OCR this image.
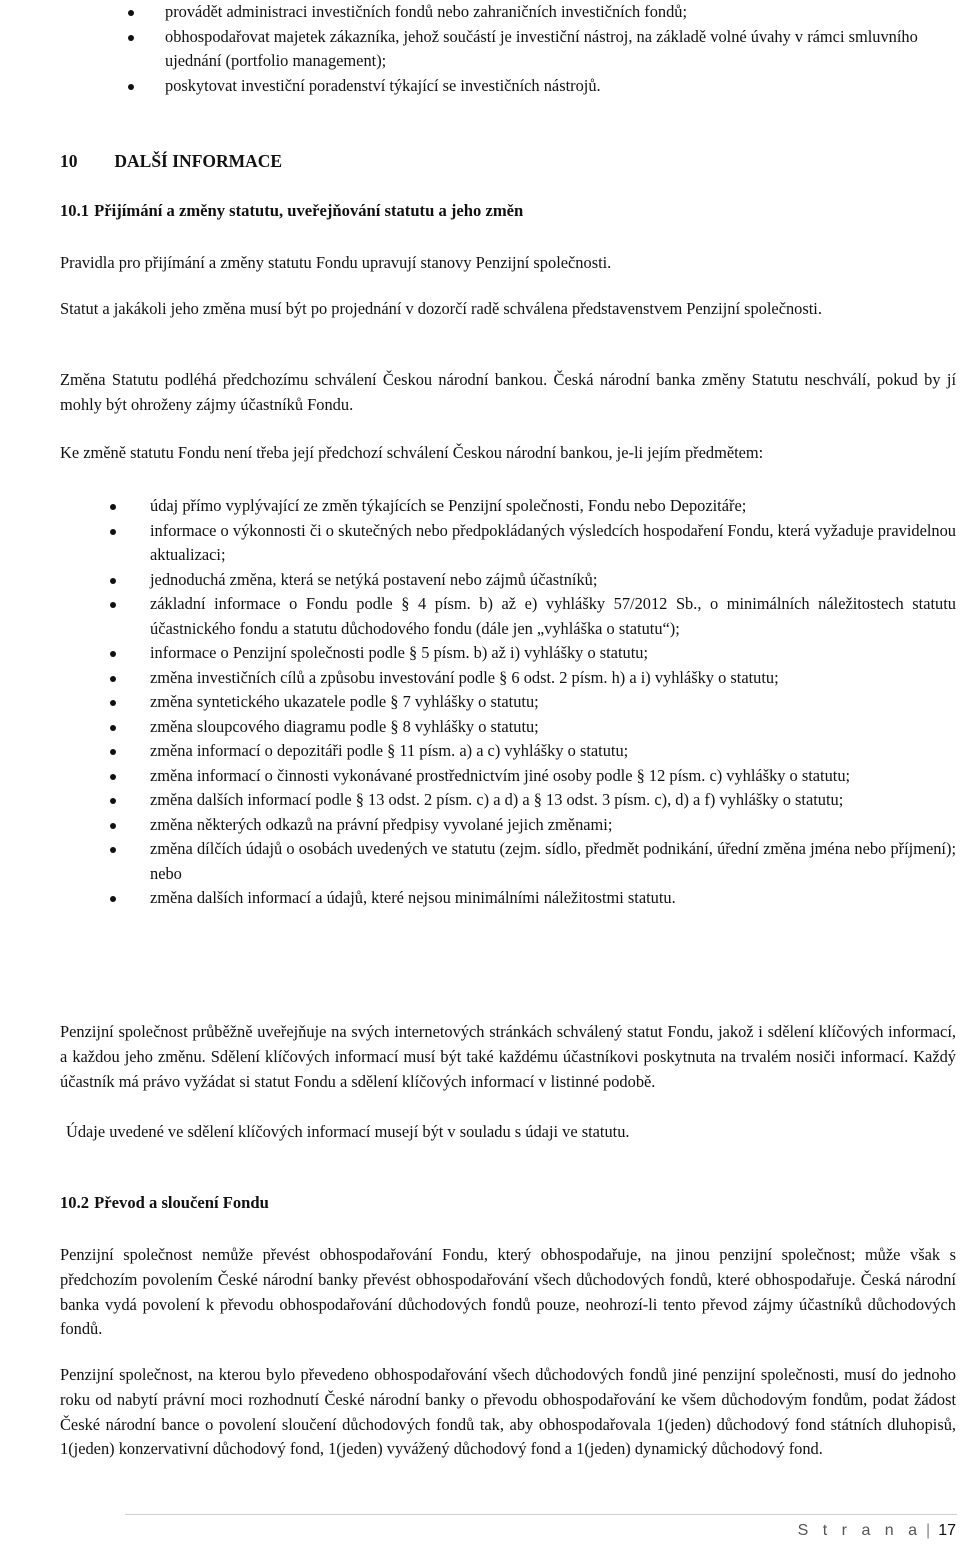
provádět administraci investičních fondů nebo zahraničních investičních fondů;
obhospodařovat majetek zákazníka, jehož součástí je investiční nástroj, na základě volné úvahy v rámci smluvního ujednání (portfolio management);
poskytovat investiční poradenství týkající se investičních nástrojů.
10 DALŠÍ INFORMACE
10.1 Přijímání a změny statutu, uveřejňování statutu a jeho změn

Pravidla pro přijímání a změny statutu Fondu upravují stanovy Penzijní společnosti.

Statut a jakákoli jeho změna musí být po projednání v dozorčí radě schválena představenstvem Penzijní společnosti.

Změna Statutu podléhá předchozímu schválení Českou národní bankou. Česká národní banka změny Statutu neschválí, pokud by jí mohly být ohroženy zájmy účastníků Fondu.

Ke změně statutu Fondu není třeba její předchozí schválení Českou národní bankou, je-li jejím předmětem:

údaj přímo vyplývající ze změn týkajících se Penzijní společnosti, Fondu nebo Depozitáře;
informace o výkonnosti či o skutečných nebo předpokládaných výsledcích hospodaření Fondu, která vyžaduje pravidelnou aktualizaci;
jednoduchá změna, která se netýká postavení nebo zájmů účastníků;
základní informace o Fondu podle § 4 písm. b) až e) vyhlášky 57/2012 Sb., o minimálních náležitostech statutu účastnického fondu a statutu důchodového fondu (dále jen „vyhláška o statutu“);
informace o Penzijní společnosti podle § 5 písm. b) až i) vyhlášky o statutu;
změna investičních cílů a způsobu investování podle § 6 odst. 2 písm. h) a i) vyhlášky o statutu;
změna syntetického ukazatele podle § 7 vyhlášky o statutu;
změna sloupcového diagramu podle § 8 vyhlášky o statutu;
změna informací o depozitáři podle § 11 písm. a) a c) vyhlášky o statutu;
změna informací o činnosti vykonávané prostřednictvím jiné osoby podle § 12 písm. c) vyhlášky o statutu;
změna dalších informací podle § 13 odst. 2 písm. c) a d) a § 13 odst. 3 písm. c), d) a f) vyhlášky o statutu;
změna některých odkazů na právní předpisy vyvolané jejich změnami;
změna dílčích údajů o osobách uvedených ve statutu (zejm. sídlo, předmět podnikání, úřední změna jména nebo příjmení); nebo
změna dalších informací a údajů, které nejsou minimálními náležitostmi statutu.

Penzijní společnost průběžně uveřejňuje na svých internetových stránkách schválený statut Fondu, jakož i sdělení klíčových informací, a každou jeho změnu. Sdělení klíčových informací musí být také každému účastníkovi poskytnuta na trvalém nosiči informací. Každý účastník má právo vyžádat si statut Fondu a sdělení klíčových informací v listinné podobě.

Údaje uvedené ve sdělení klíčových informací musejí být v souladu s údaji ve statutu.

10.2 Převod a sloučení Fondu

Penzijní společnost nemůže převést obhospodařování Fondu, který obhospodařuje, na jinou penzijní společnost; může však s předchozím povolením České národní banky převést obhospodařování všech důchodových fondů, které obhospodařuje. Česká národní banka vydá povolení k převodu obhospodařování důchodových fondů pouze, neohrozí-li tento převod zájmy účastníků důchodových fondů.

Penzijní společnost, na kterou bylo převedeno obhospodařování všech důchodových fondů jiné penzijní společnosti, musí do jednoho roku od nabytí právní moci rozhodnutí České národní banky o převodu obhospodařování ke všem důchodovým fondům, podat žádost České národní bance o povolení sloučení důchodových fondů tak, aby obhospodařovala 1(jeden) důchodový fond státních dluhopisů, 1(jeden) konzervativní důchodový fond, 1(jeden) vyvážený důchodový fond a 1(jeden) dynamický důchodový fond.

S t r a n a | 17
